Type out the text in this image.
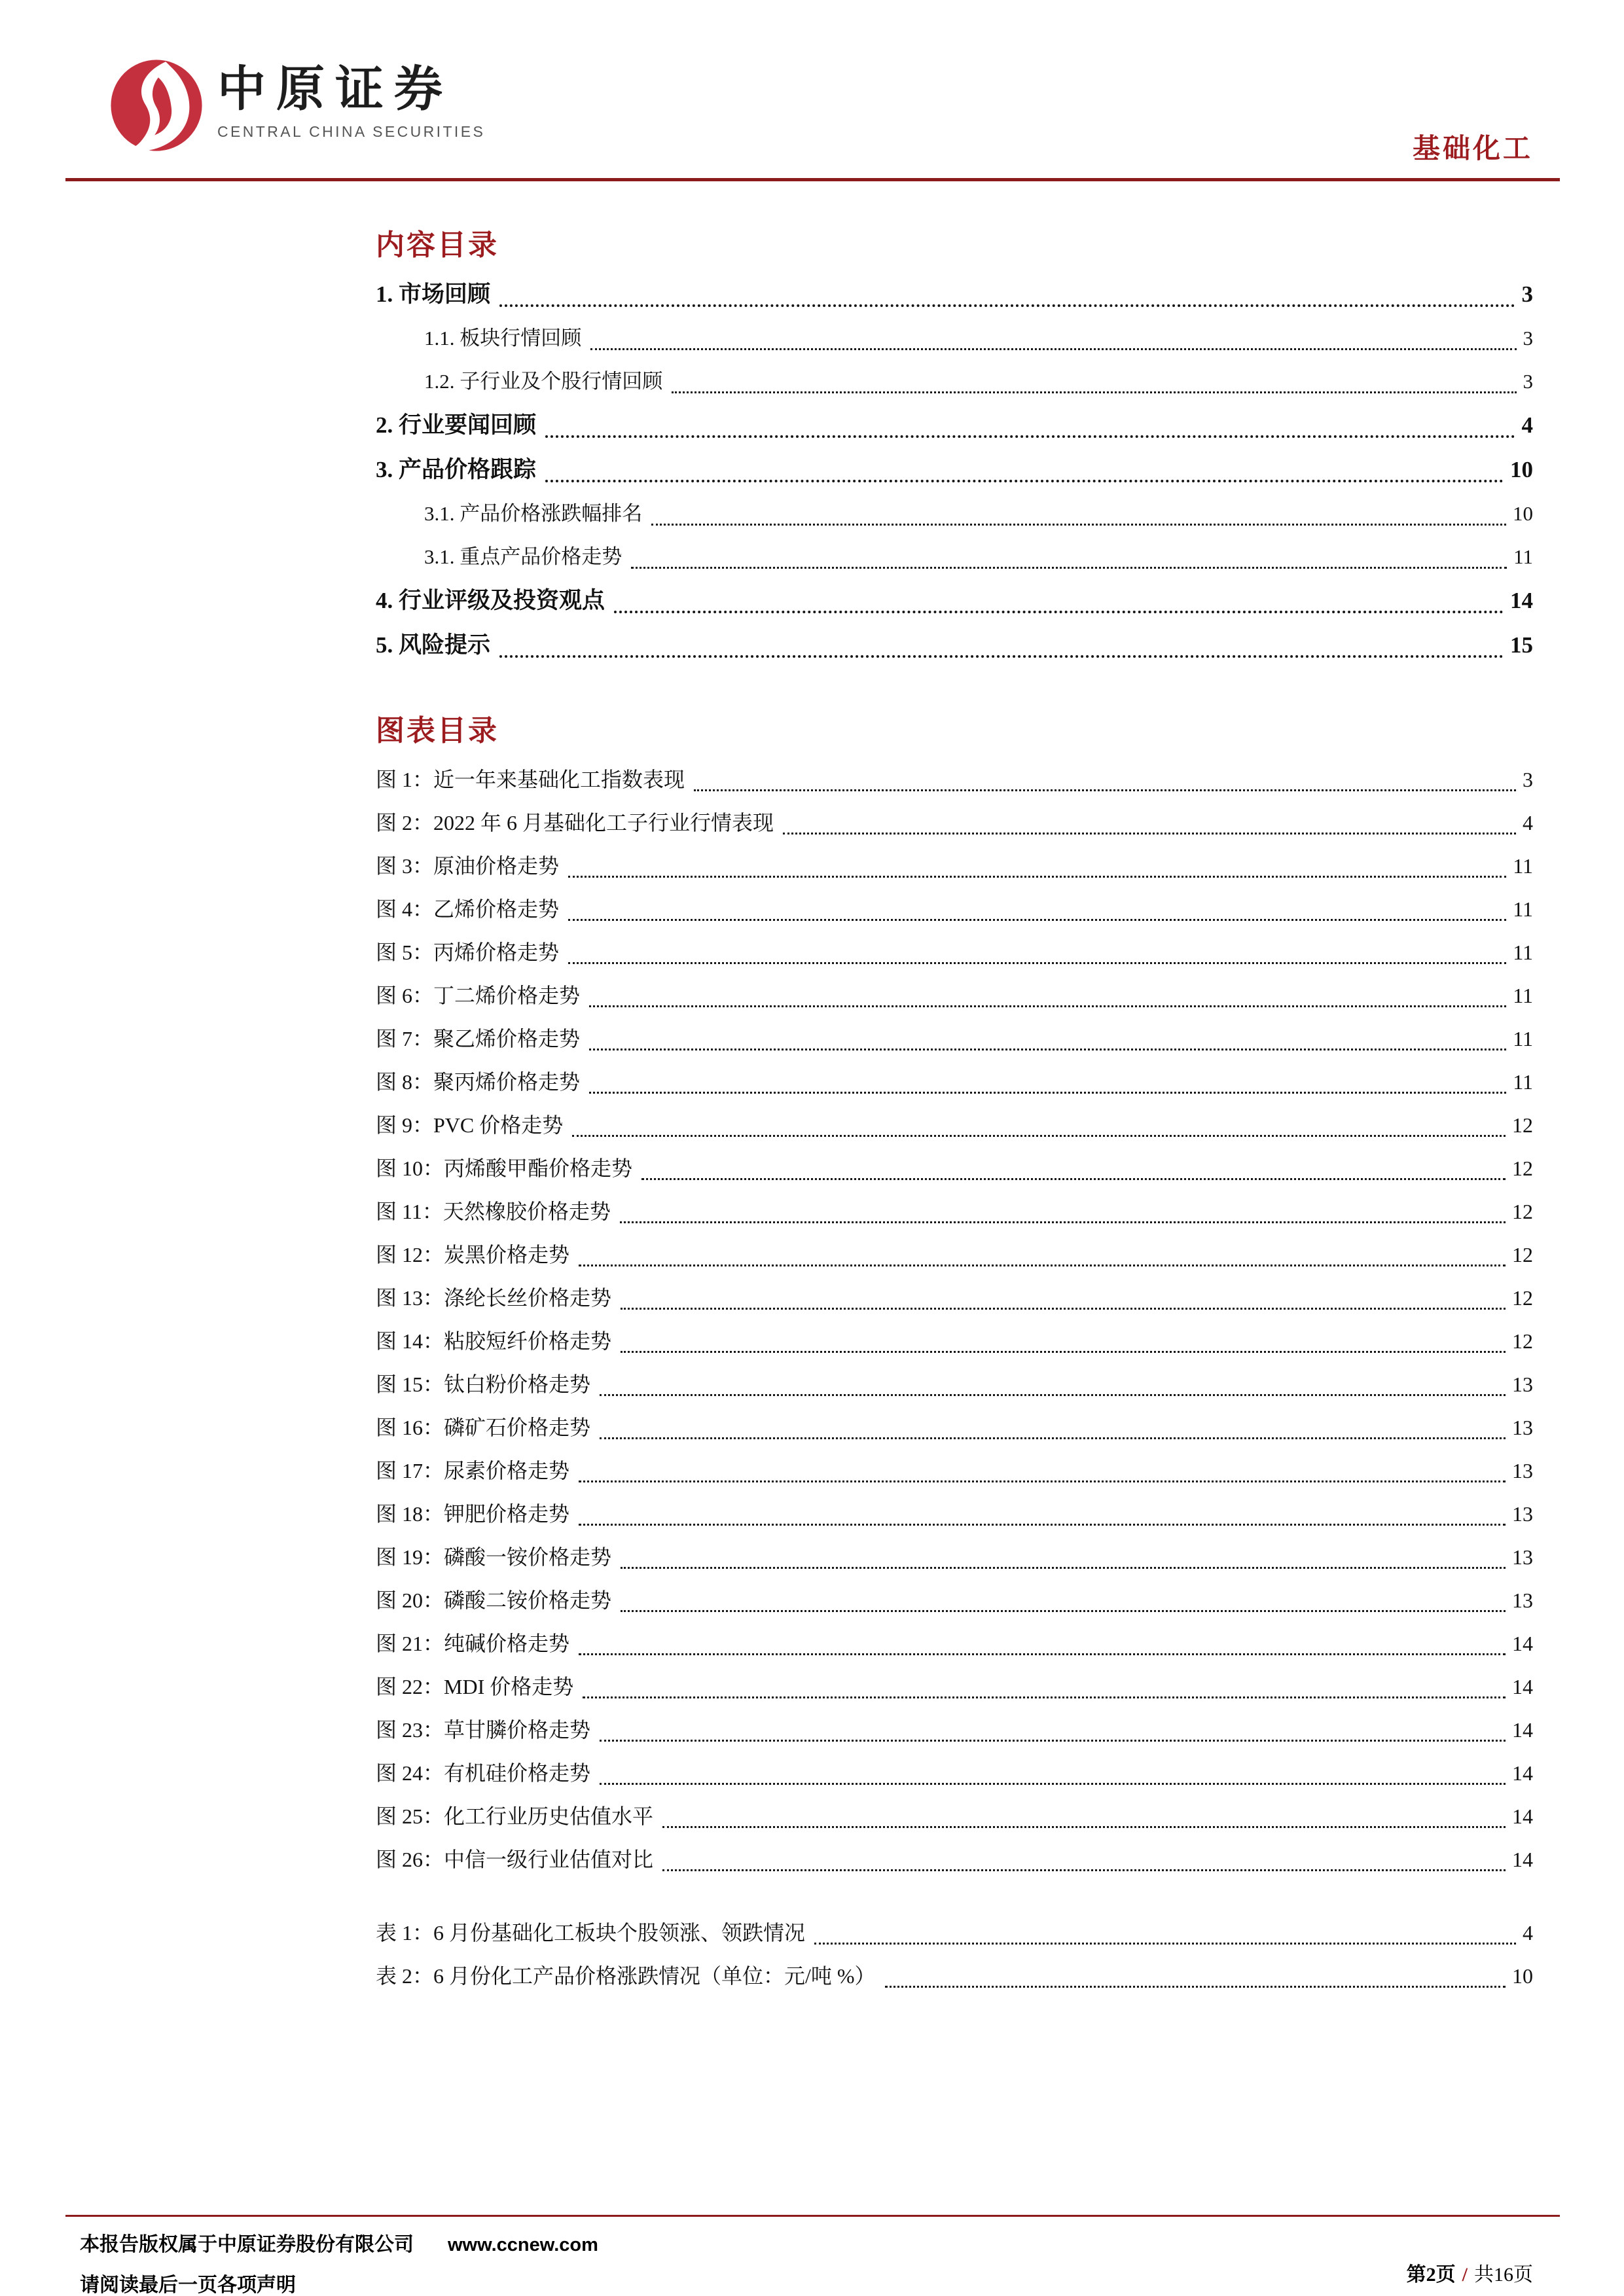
中原证券
CENTRAL CHINA SECURITIES
基础化工
内容目录
1. 市场回顾	3
1.1. 板块行情回顾	3
1.2. 子行业及个股行情回顾	3
2. 行业要闻回顾	4
3. 产品价格跟踪	10
3.1. 产品价格涨跌幅排名	10
3.1. 重点产品价格走势	11
4. 行业评级及投资观点	14
5. 风险提示	15
图表目录
图 1：近一年来基础化工指数表现	3
图 2：2022 年 6 月基础化工子行业行情表现	4
图 3：原油价格走势	11
图 4：乙烯价格走势	11
图 5：丙烯价格走势	11
图 6：丁二烯价格走势	11
图 7：聚乙烯价格走势	11
图 8：聚丙烯价格走势	11
图 9：PVC 价格走势	12
图 10：丙烯酸甲酯价格走势	12
图 11：天然橡胶价格走势	12
图 12：炭黑价格走势	12
图 13：涤纶长丝价格走势	12
图 14：粘胶短纤价格走势	12
图 15：钛白粉价格走势	13
图 16：磷矿石价格走势	13
图 17：尿素价格走势	13
图 18：钾肥价格走势	13
图 19：磷酸一铵价格走势	13
图 20：磷酸二铵价格走势	13
图 21：纯碱价格走势	14
图 22：MDI 价格走势	14
图 23：草甘膦价格走势	14
图 24：有机硅价格走势	14
图 25：化工行业历史估值水平	14
图 26：中信一级行业估值对比	14
表 1：6 月份基础化工板块个股领涨、领跌情况	4
表 2：6 月份化工产品价格涨跌情况（单位：元/吨 %）	10
本报告版权属于中原证券股份有限公司 www.ccnew.com
请阅读最后一页各项声明	第2页 / 共16页
